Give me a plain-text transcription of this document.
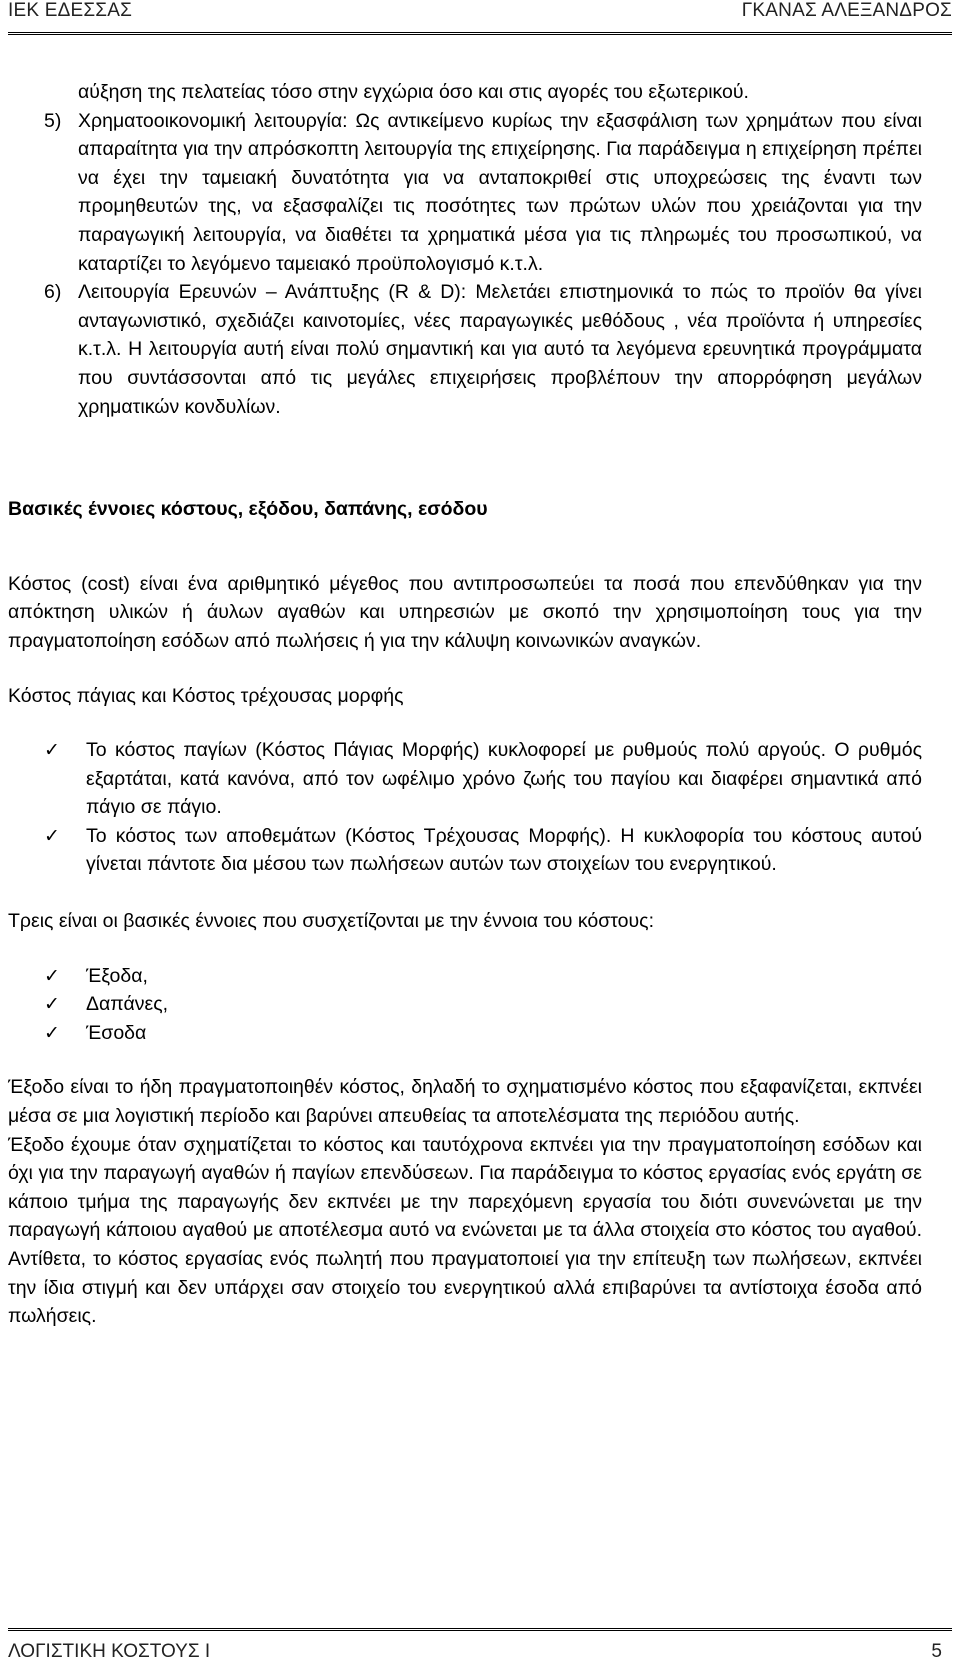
ΙΕΚ ΕΔΕΣΣΑΣ	ΓΚΑΝΑΣ ΑΛΕΞΑΝΔΡΟΣ
αύξηση της πελατείας τόσο στην εγχώρια όσο και στις αγορές του εξωτερικού.
5) Χρηματοοικονομική λειτουργία: Ως αντικείμενο κυρίως την εξασφάλιση των χρημάτων που είναι απαραίτητα για την απρόσκοπτη λειτουργία της επιχείρησης. Για παράδειγμα η επιχείρηση πρέπει να έχει την ταμειακή δυνατότητα για να ανταποκριθεί στις υποχρεώσεις της έναντι των προμηθευτών της, να εξασφαλίζει τις ποσότητες των πρώτων υλών που χρειάζονται για την παραγωγική λειτουργία, να διαθέτει τα χρηματικά μέσα για τις πληρωμές του προσωπικού, να καταρτίζει το λεγόμενο ταμειακό προϋπολογισμό κ.τ.λ.
6) Λειτουργία Ερευνών – Ανάπτυξης (R & D): Μελετάει επιστημονικά το πώς το προϊόν θα γίνει ανταγωνιστικό, σχεδιάζει καινοτομίες, νέες παραγωγικές μεθόδους , νέα προϊόντα ή υπηρεσίες κ.τ.λ. Η λειτουργία αυτή είναι πολύ σημαντική και για αυτό τα λεγόμενα ερευνητικά προγράμματα που συντάσσονται από τις μεγάλες επιχειρήσεις προβλέπουν την απορρόφηση μεγάλων χρηματικών κονδυλίων.
Βασικές έννοιες κόστους, εξόδου, δαπάνης, εσόδου
Κόστος (cost) είναι ένα αριθμητικό μέγεθος που αντιπροσωπεύει τα ποσά που επενδύθηκαν για την απόκτηση υλικών ή άυλων αγαθών και υπηρεσιών με σκοπό την χρησιμοποίηση τους για την πραγματοποίηση εσόδων από πωλήσεις ή για την κάλυψη κοινωνικών αναγκών.
Κόστος πάγιας και Κόστος τρέχουσας μορφής
✓	Το κόστος παγίων (Κόστος Πάγιας Μορφής) κυκλοφορεί με ρυθμούς πολύ αργούς. Ο ρυθμός εξαρτάται, κατά κανόνα, από τον ωφέλιμο χρόνο ζωής του παγίου και διαφέρει σημαντικά από πάγιο σε πάγιο.
✓	Το κόστος των αποθεμάτων (Κόστος Τρέχουσας Μορφής). Η κυκλοφορία του κόστους αυτού γίνεται πάντοτε δια μέσου των πωλήσεων αυτών των στοιχείων του ενεργητικού.
Τρεις είναι οι βασικές έννοιες που συσχετίζονται με την έννοια του κόστους:
✓	Έξοδα,
✓	Δαπάνες,
✓	Έσοδα
Έξοδο είναι το ήδη πραγματοποιηθέν κόστος, δηλαδή το σχηματισμένο κόστος που εξαφανίζεται, εκπνέει μέσα σε μια λογιστική περίοδο και βαρύνει απευθείας τα αποτελέσματα της περιόδου αυτής.
Έξοδο έχουμε όταν σχηματίζεται το κόστος και ταυτόχρονα εκπνέει για την πραγματοποίηση εσόδων και όχι για την παραγωγή αγαθών ή παγίων επενδύσεων. Για παράδειγμα το κόστος εργασίας ενός εργάτη σε κάποιο τμήμα της παραγωγής δεν εκπνέει με την παρεχόμενη εργασία του διότι συνενώνεται με την παραγωγή κάποιου αγαθού με αποτέλεσμα αυτό να ενώνεται με τα άλλα στοιχεία στο κόστος του αγαθού. Αντίθετα, το κόστος εργασίας ενός πωλητή που πραγματοποιεί για την επίτευξη των πωλήσεων, εκπνέει την ίδια στιγμή και δεν υπάρχει σαν στοιχείο του ενεργητικού αλλά επιβαρύνει τα αντίστοιχα έσοδα από πωλήσεις.
ΛΟΓΙΣΤΙΚΗ ΚΟΣΤΟΥΣ Ι	5
